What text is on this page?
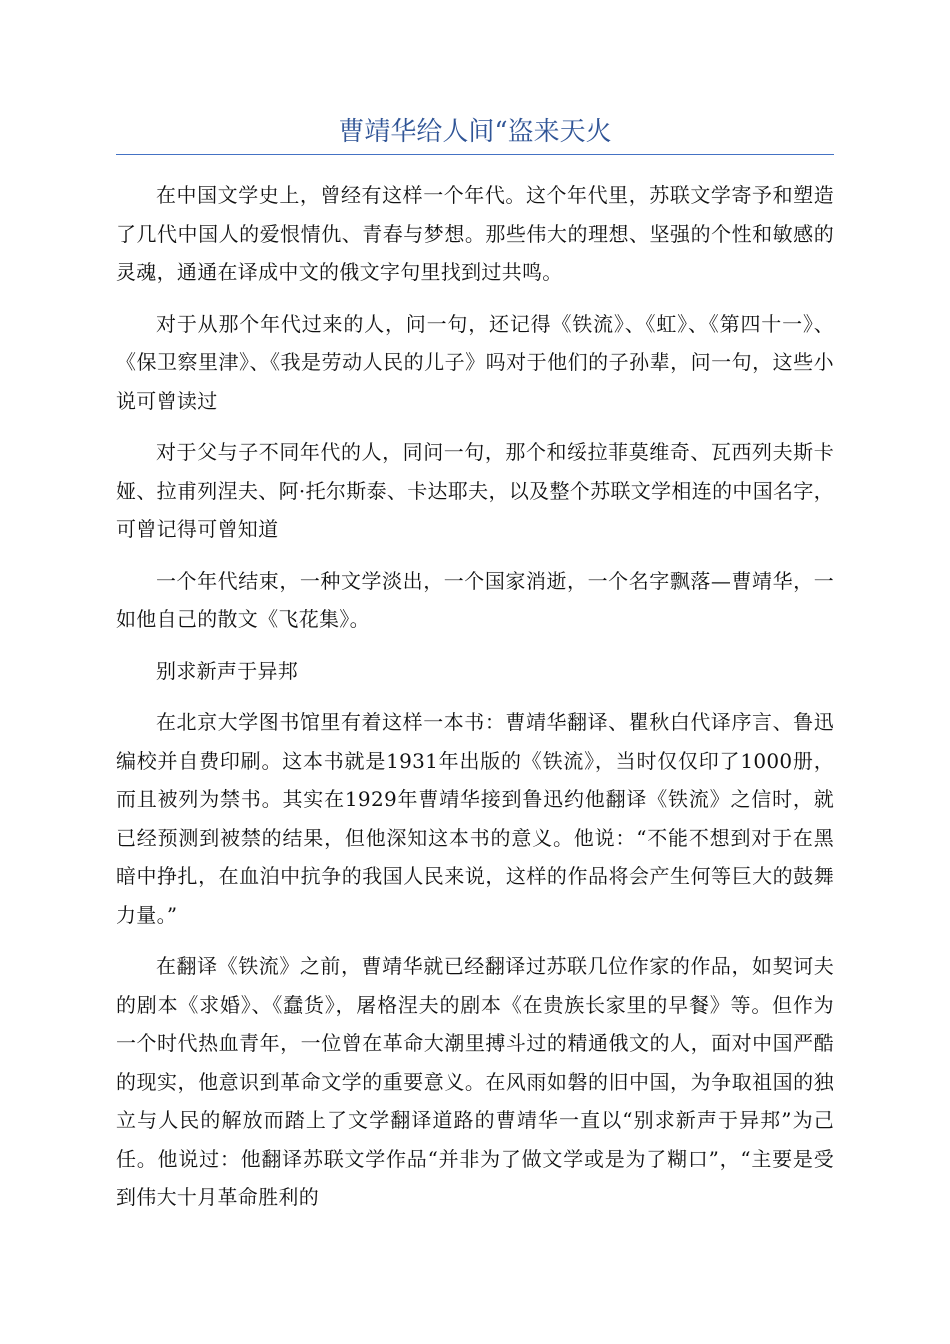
曹靖华给人间“盗来天火

在中国文学史上，曾经有这样一个年代。这个年代里，苏联文学寄予和塑造了几代中国人的爱恨情仇、青春与梦想。那些伟大的理想、坚强的个性和敏感的灵魂，通通在译成中文的俄文字句里找到过共鸣。

对于从那个年代过来的人，问一句，还记得《铁流》、《虹》、《第四十一》、《保卫察里津》、《我是劳动人民的儿子》吗对于他们的子孙辈，问一句，这些小说可曾读过

对于父与子不同年代的人，同问一句，那个和绥拉菲莫维奇、瓦西列夫斯卡娅、拉甫列涅夫、阿·托尔斯泰、卡达耶夫，以及整个苏联文学相连的中国名字，可曾记得可曾知道

一个年代结束，一种文学淡出，一个国家消逝，一个名字飘落—曹靖华，一如他自己的散文《飞花集》。

别求新声于异邦

在北京大学图书馆里有着这样一本书：曹靖华翻译、瞿秋白代译序言、鲁迅编校并自费印刷。这本书就是1931年出版的《铁流》，当时仅仅印了1000册，而且被列为禁书。其实在1929年曹靖华接到鲁迅约他翻译《铁流》之信时，就已经预测到被禁的结果，但他深知这本书的意义。他说：“不能不想到对于在黑暗中挣扎，在血泊中抗争的我国人民来说，这样的作品将会产生何等巨大的鼓舞力量。”

在翻译《铁流》之前，曹靖华就已经翻译过苏联几位作家的作品，如契诃夫的剧本《求婚》、《蠢货》，屠格涅夫的剧本《在贵族长家里的早餐》等。但作为一个时代热血青年，一位曾在革命大潮里搏斗过的精通俄文的人，面对中国严酷的现实，他意识到革命文学的重要意义。在风雨如磐的旧中国，为争取祖国的独立与人民的解放而踏上了文学翻译道路的曹靖华一直以“别求新声于异邦”为己任。他说过：他翻译苏联文学作品“并非为了做文学或是为了糊口”，“主要是受到伟大十月革命胜利的
